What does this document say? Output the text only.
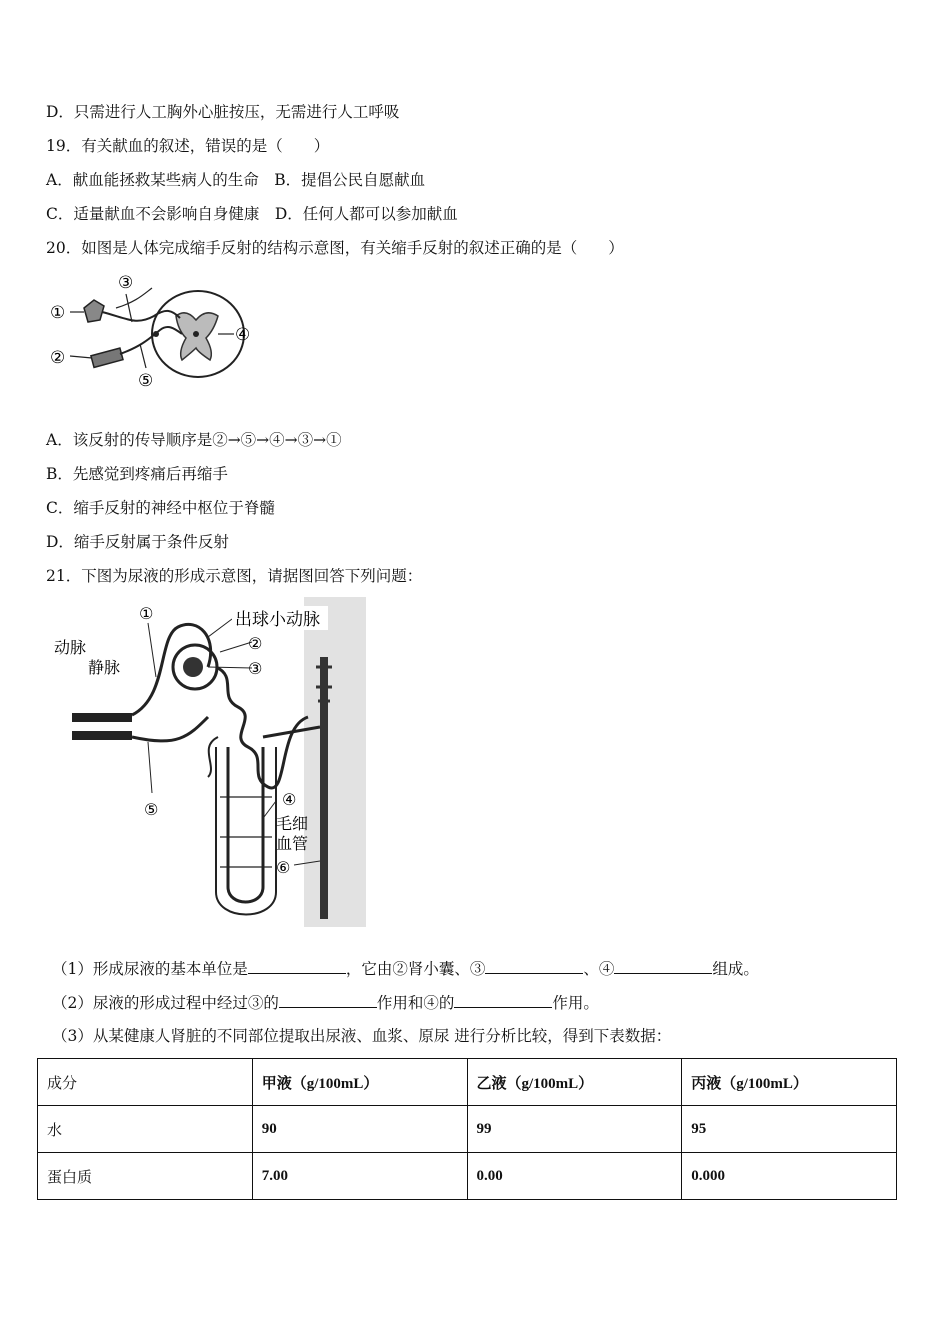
D．只需进行人工胸外心脏按压，无需进行人工呼吸
19．有关献血的叙述，错误的是（　　）
A．献血能拯救某些病人的生命　B．提倡公民自愿献血
C．适量献血不会影响自身健康　D．任何人都可以参加献血
20．如图是人体完成缩手反射的结构示意图，有关缩手反射的叙述正确的是（　　）
①
②
③
④
⑤
A．该反射的传导顺序是②→⑤→④→③→①
B．先感觉到疼痛后再缩手
C．缩手反射的神经中枢位于脊髓
D．缩手反射属于条件反射
21．下图为尿液的形成示意图，请据图回答下列问题：
动脉
静脉
出球小动脉
①
②
③
④
⑤
⑥
毛细
血管
（1）形成尿液的基本单位是	，它由②肾小囊、③	、④	组成。
（2）尿液的形成过程中经过③的	作用和④的	作用。
（3）从某健康人肾脏的不同部位提取出尿液、血浆、原尿 进行分析比较，得到下表数据：
成分	甲液（g/100mL）	乙液（g/100mL）	丙液（g/100mL）
水	90	99	95
蛋白质	7.00	0.00	0.000
